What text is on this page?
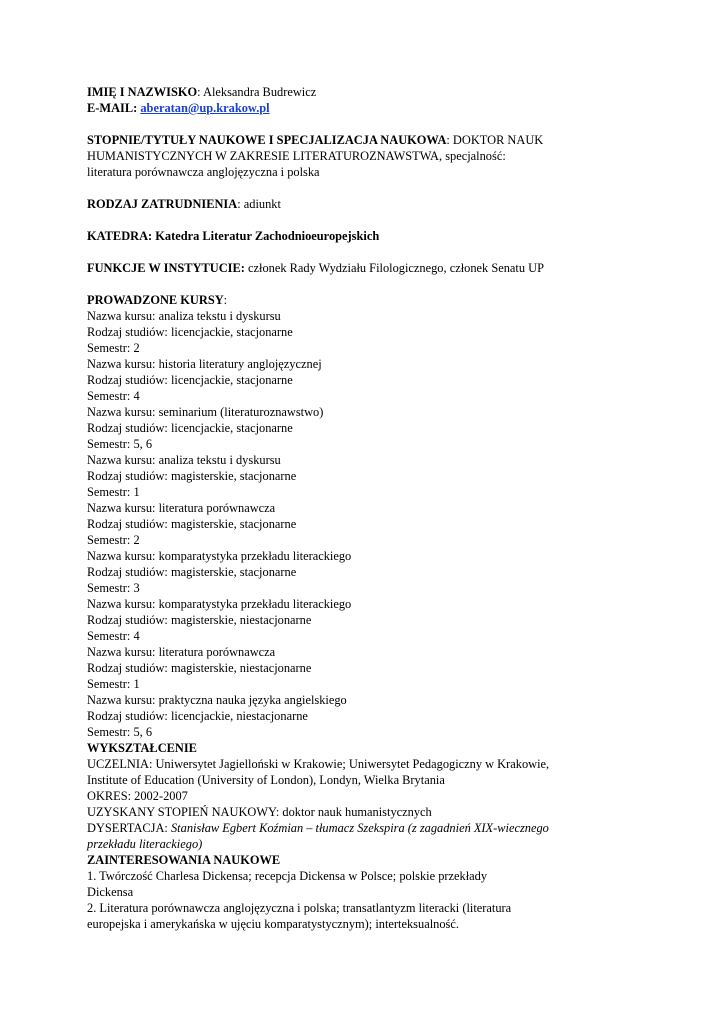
IMIĘ I NAZWISKO: Aleksandra Budrewicz
E-MAIL: aberatan@up.krakow.pl
STOPNIE/TYTUŁY NAUKOWE I SPECJALIZACJA NAUKOWA: DOKTOR NAUK
HUMANISTYCZNYCH W ZAKRESIE LITERATUROZNAWSTWA, specjalność:
literatura porównawcza anglojęzyczna i polska
RODZAJ ZATRUDNIENIA: adiunkt
KATEDRA: Katedra Literatur Zachodnioeuropejskich
FUNKCJE W INSTYTUCIE: członek Rady Wydziału Filologicznego, członek Senatu UP
PROWADZONE KURSY:
Nazwa kursu: analiza tekstu i dyskursu
Rodzaj studiów: licencjackie, stacjonarne
Semestr: 2
Nazwa kursu: historia literatury anglojęzycznej
Rodzaj studiów: licencjackie, stacjonarne
Semestr: 4
Nazwa kursu: seminarium (literaturoznawstwo)
Rodzaj studiów: licencjackie, stacjonarne
Semestr: 5, 6
Nazwa kursu: analiza tekstu i dyskursu
Rodzaj studiów: magisterskie, stacjonarne
Semestr: 1
Nazwa kursu: literatura porównawcza
Rodzaj studiów: magisterskie, stacjonarne
Semestr: 2
Nazwa kursu: komparatystyka przekładu literackiego
Rodzaj studiów: magisterskie, stacjonarne
Semestr: 3
Nazwa kursu: komparatystyka przekładu literackiego
Rodzaj studiów: magisterskie, niestacjonarne
Semestr: 4
Nazwa kursu: literatura porównawcza
Rodzaj studiów: magisterskie, niestacjonarne
Semestr: 1
Nazwa kursu: praktyczna nauka języka angielskiego
Rodzaj studiów: licencjackie, niestacjonarne
Semestr: 5, 6
WYKSZTAŁCENIE
UCZELNIA: Uniwersytet Jagielloński w Krakowie; Uniwersytet Pedagogiczny w Krakowie,
Institute of Education (University of London), Londyn, Wielka Brytania
OKRES: 2002-2007
UZYSKANY STOPIEŃ NAUKOWY: doktor nauk humanistycznych
DYSERTACJA: Stanisław Egbert Koźmian – tłumacz Szekspira (z zagadnień XIX-wiecznego
przekładu literackiego)
ZAINTERESOWANIA NAUKOWE
1. Twórczość Charlesa Dickensa; recepcja Dickensa w Polsce; polskie przekłady
Dickensa
2. Literatura porównawcza anglojęzyczna i polska; transatlantyzm literacki (literatura
europejska i amerykańska w ujęciu komparatystycznym); interteksualność.
